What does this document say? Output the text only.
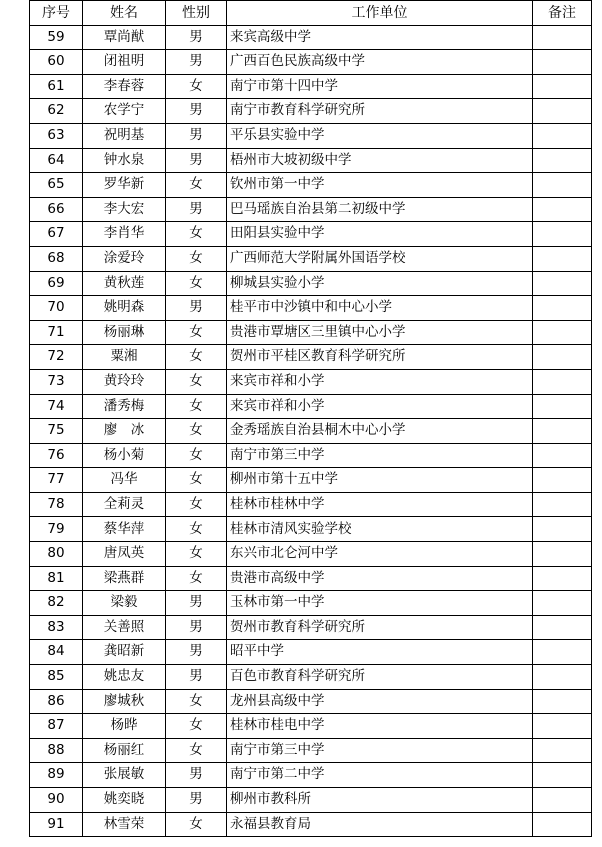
序号	姓名	性别	工作单位	备注
59	覃尚猷	男	来宾高级中学	
60	闭祖明	男	广西百色民族高级中学	
61	李春蓉	女	南宁市第十四中学	
62	农学宁	男	南宁市教育科学研究所	
63	祝明基	男	平乐县实验中学	
64	钟水泉	男	梧州市大坡初级中学	
65	罗华新	女	钦州市第一中学	
66	李大宏	男	巴马瑶族自治县第二初级中学	
67	李肖华	女	田阳县实验中学	
68	涂爱玲	女	广西师范大学附属外国语学校	
69	黄秋莲	女	柳城县实验小学	
70	姚明森	男	桂平市中沙镇中和中心小学	
71	杨丽琳	女	贵港市覃塘区三里镇中心小学	
72	粟湘	女	贺州市平桂区教育科学研究所	
73	黄玲玲	女	来宾市祥和小学	
74	潘秀梅	女	来宾市祥和小学	
75	廖　冰	女	金秀瑶族自治县桐木中心小学	
76	杨小菊	女	南宁市第三中学	
77	冯华	女	柳州市第十五中学	
78	全莉灵	女	桂林市桂林中学	
79	蔡华萍	女	桂林市清风实验学校	
80	唐凤英	女	东兴市北仑河中学	
81	梁燕群	女	贵港市高级中学	
82	梁毅	男	玉林市第一中学	
83	关善照	男	贺州市教育科学研究所	
84	龚昭新	男	昭平中学	
85	姚忠友	男	百色市教育科学研究所	
86	廖城秋	女	龙州县高级中学	
87	杨晔	女	桂林市桂电中学	
88	杨丽红	女	南宁市第三中学	
89	张展敏	男	南宁市第二中学	
90	姚奕晓	男	柳州市教科所	
91	林雪荣	女	永福县教育局	
